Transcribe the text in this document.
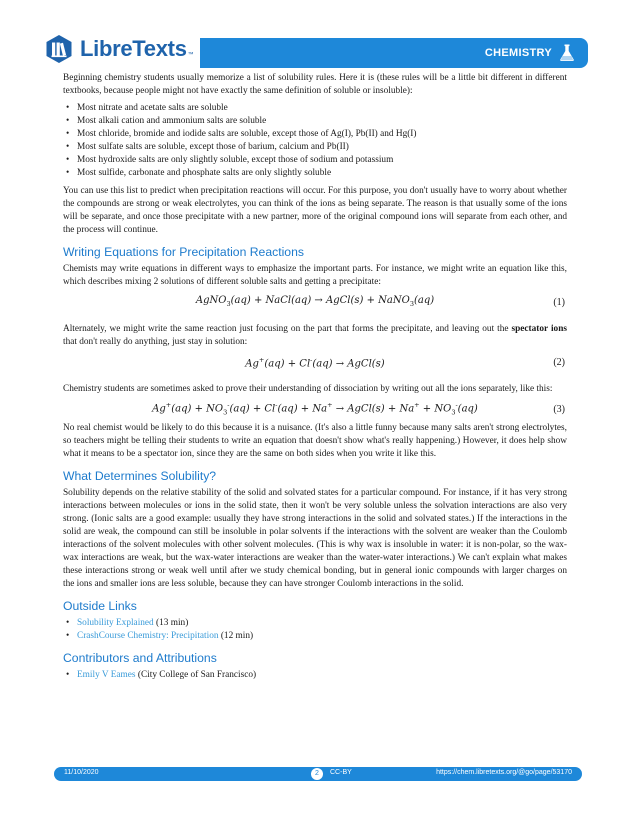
LibreTexts ™	CHEMISTRY

Beginning chemistry students usually memorize a list of solubility rules. Here it is (these rules will be a little bit different in different textbooks, because people might not have exactly the same definition of soluble or insoluble):

• Most nitrate and acetate salts are soluble
• Most alkali cation and ammonium salts are soluble
• Most chloride, bromide and iodide salts are soluble, except those of Ag(I), Pb(II) and Hg(I)
• Most sulfate salts are soluble, except those of barium, calcium and Pb(II)
• Most hydroxide salts are only slightly soluble, except those of sodium and potassium
• Most sulfide, carbonate and phosphate salts are only slightly soluble

You can use this list to predict when precipitation reactions will occur. For this purpose, you don't usually have to worry about whether the compounds are strong or weak electrolytes, you can think of the ions as being separate. The reason is that usually some of the ions will be separate, and once those precipitate with a new partner, more of the original compound ions will separate from each other, and the process will continue.

Writing Equations for Precipitation Reactions

Chemists may write equations in different ways to emphasize the important parts. For instance, we might write an equation like this, which describes mixing 2 solutions of different soluble salts and getting a precipitate:

AgNO$_3$(aq) + NaCl(aq) → AgCl(s) + NaNO$_3$(aq)	(1)

Alternately, we might write the same reaction just focusing on the part that forms the precipitate, and leaving out the spectator ions that don't really do anything, just stay in solution:

Ag+(aq) + Cl-(aq) → AgCl(s)	(2)

Chemistry students are sometimes asked to prove their understanding of dissociation by writing out all the ions separately, like this:

$Ag^+(aq) + NO_3^-(aq) + Cl^-(aq) + Na^+$ → AgCl(s) + $Na^+ + NO_3^-(aq)$	(3)

No real chemist would be likely to do this because it is a nuisance. (It's also a little funny because many salts aren't strong electrolytes, so teachers might be telling their students to write an equation that doesn't show what's really happening.) However, it does help show what it means to be a spectator ion, since they are the same on both sides when you write it like this.

What Determines Solubility?

Solubility depends on the relative stability of the solid and solvated states for a particular compound. For instance, if it has very strong interactions between molecules or ions in the solid state, then it won't be very soluble unless the solvation interactions are also very strong. (Ionic salts are a good example: usually they have strong interactions in the solid and solvated states.) If the interactions in the solid are weak, the compound can still be insoluble in polar solvents if the interactions with the solvent are weaker than the Coulomb interactions of the solvent molecules with other solvent molecules. (This is why wax is insoluble in water: it is non-polar, so the wax-wax interactions are weak, but the wax-water interactions are weaker than the water-water interactions.) We can't explain what makes these interactions strong or weak well until after we study chemical bonding, but in general ionic compounds with larger charges on the ions and smaller ions are less soluble, because they can have stronger Coulomb interactions in the solid.

Outside Links
• Solubility Explained (13 min)
• CrashCourse Chemistry: Precipitation (12 min)
Contributors and Attributions
• Emily V Eames (City College of San Francisco)
11/10/2020	2	CC-BY	https://chem.libretexts.org/@go/page/53170
